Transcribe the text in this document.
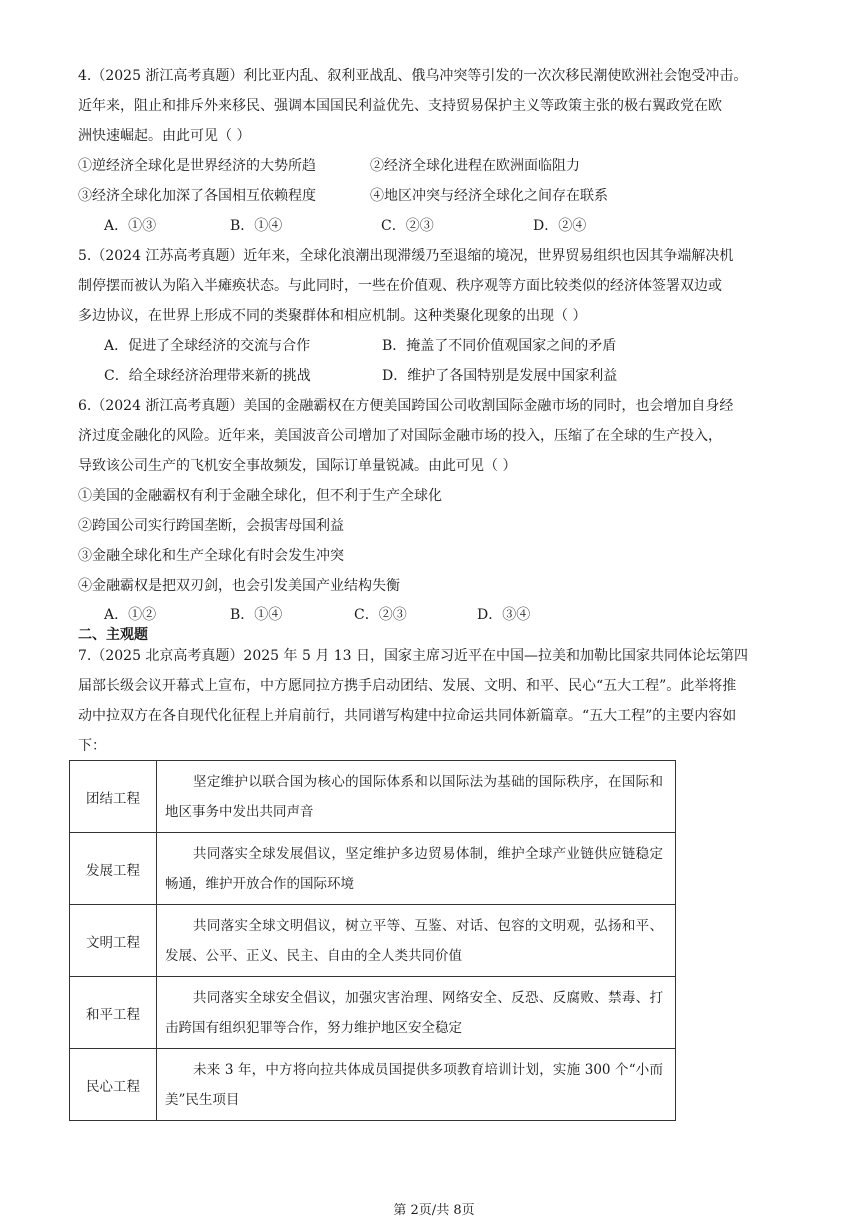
4.（2025 浙江高考真题）利比亚内乱、叙利亚战乱、俄乌冲突等引发的一次次移民潮使欧洲社会饱受冲击。
近年来，阻止和排斥外来移民、强调本国国民利益优先、支持贸易保护主义等政策主张的极右翼政党在欧
洲快速崛起。由此可见（ ）
①逆经济全球化是世界经济的大势所趋	②经济全球化进程在欧洲面临阻力
③经济全球化加深了各国相互依赖程度	④地区冲突与经济全球化之间存在联系
A．①③	B．①④	C．②③	D．②④
5.（2024 江苏高考真题）近年来，全球化浪潮出现滞缓乃至退缩的境况，世界贸易组织也因其争端解决机
制停摆而被认为陷入半瘫痪状态。与此同时，一些在价值观、秩序观等方面比较类似的经济体签署双边或
多边协议，在世界上形成不同的类聚群体和相应机制。这种类聚化现象的出现（ ）
A．促进了全球经济的交流与合作	B．掩盖了不同价值观国家之间的矛盾
C．给全球经济治理带来新的挑战	D．维护了各国特别是发展中国家利益
6.（2024 浙江高考真题）美国的金融霸权在方便美国跨国公司收割国际金融市场的同时，也会增加自身经
济过度金融化的风险。近年来，美国波音公司增加了对国际金融市场的投入，压缩了在全球的生产投入，
导致该公司生产的飞机安全事故频发，国际订单量锐减。由此可见（ ）
①美国的金融霸权有利于金融全球化，但不利于生产全球化
②跨国公司实行跨国垄断，会损害母国利益
③金融全球化和生产全球化有时会发生冲突
④金融霸权是把双刃剑，也会引发美国产业结构失衡
A．①②	B．①④	C．②③	D．③④
二、主观题
7.（2025 北京高考真题）2025 年 5 月 13 日，国家主席习近平在中国—拉美和加勒比国家共同体论坛第四
届部长级会议开幕式上宣布，中方愿同拉方携手启动团结、发展、文明、和平、民心“五大工程”。此举将推
动中拉双方在各自现代化征程上并肩前行，共同谱写构建中拉命运共同体新篇章。“五大工程”的主要内容如
下：
团结工程	坚定维护以联合国为核心的国际体系和以国际法为基础的国际秩序，在国际和地区事务中发出共同声音

发展工程	共同落实全球发展倡议，坚定维护多边贸易体制，维护全球产业链供应链稳定畅通，维护开放合作的国际环境

文明工程	共同落实全球文明倡议，树立平等、互鉴、对话、包容的文明观，弘扬和平、发展、公平、正义、民主、自由的全人类共同价值

和平工程	共同落实全球安全倡议，加强灾害治理、网络安全、反恐、反腐败、禁毒、打击跨国有组织犯罪等合作，努力维护地区安全稳定

民心工程	未来 3 年，中方将向拉共体成员国提供多项教育培训计划，实施 300 个“小而美”民生项目
第 2页/共 8页
